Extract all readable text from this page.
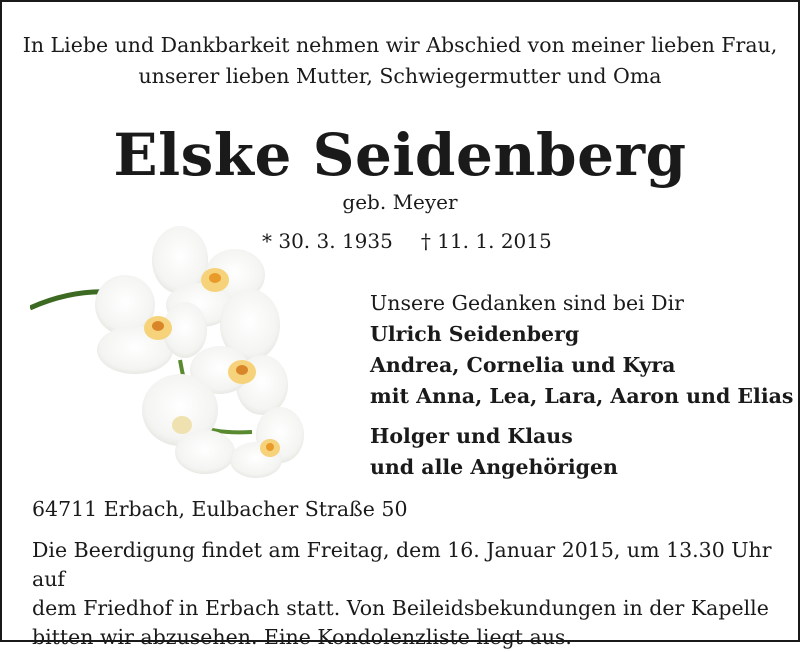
In Liebe und Dankbarkeit nehmen wir Abschied von meiner lieben Frau,
unserer lieben Mutter, Schwiegermutter und Oma
Elske Seidenberg
geb. Meyer
* 30. 3. 1935 † 11. 1. 2015
Unsere Gedanken sind bei Dir
Ulrich Seidenberg
Andrea, Cornelia und Kyra
mit Anna, Lea, Lara, Aaron und Elias
Holger und Klaus
und alle Angehörigen
64711 Erbach, Eulbacher Straße 50
Die Beerdigung findet am Freitag, dem 16. Januar 2015, um 13.30 Uhr auf
dem Friedhof in Erbach statt. Von Beileidsbekundungen in der Kapelle
bitten wir abzusehen. Eine Kondolenzliste liegt aus.
